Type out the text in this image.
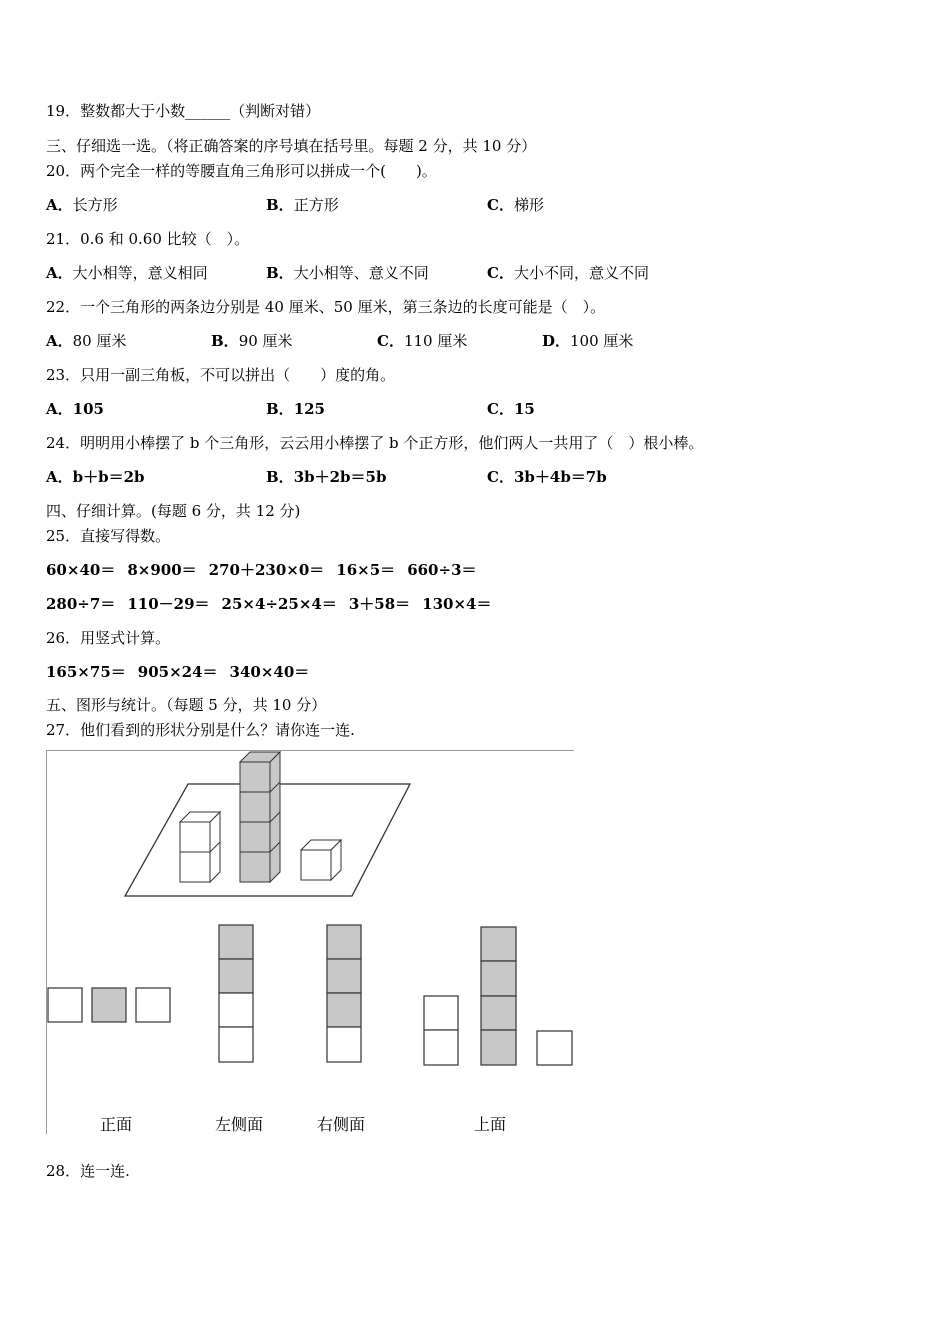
19．整数都大于小数______（判断对错）
三、仔细选一选。（将正确答案的序号填在括号里。每题 2 分，共 10 分）
20．两个完全一样的等腰直角三角形可以拼成一个(　　)。
A．长方形	B．正方形	C．梯形
21．0.6 和 0.60 比较（　）。
A．大小相等，意义相同	B．大小相等、意义不同	C．大小不同，意义不同
22．一个三角形的两条边分别是 40 厘米、50 厘米，第三条边的长度可能是（　）。
A．80 厘米	B．90 厘米	C．110 厘米	D．100 厘米
23．只用一副三角板，不可以拼出（　　）度的角。
A．105	B．125	C．15
24．明明用小棒摆了 b 个三角形，云云用小棒摆了 b 个正方形，他们两人一共用了（　）根小棒。
A．b＋b＝2b	B．3b＋2b＝5b	C．3b＋4b＝7b
四、仔细计算。(每题 6 分，共 12 分)
25．直接写得数。
60×40＝ 8×900＝ 270＋230×0＝ 16×5＝ 660÷3＝
280÷7＝ 110－29＝ 25×4÷25×4＝ 3＋58＝ 130×4＝
26．用竖式计算。
165×75＝ 905×24＝ 340×40＝
五、图形与统计。（每题 5 分，共 10 分）
27．他们看到的形状分别是什么？请你连一连.
正面	左侧面	右侧面	上面
28．连一连.
